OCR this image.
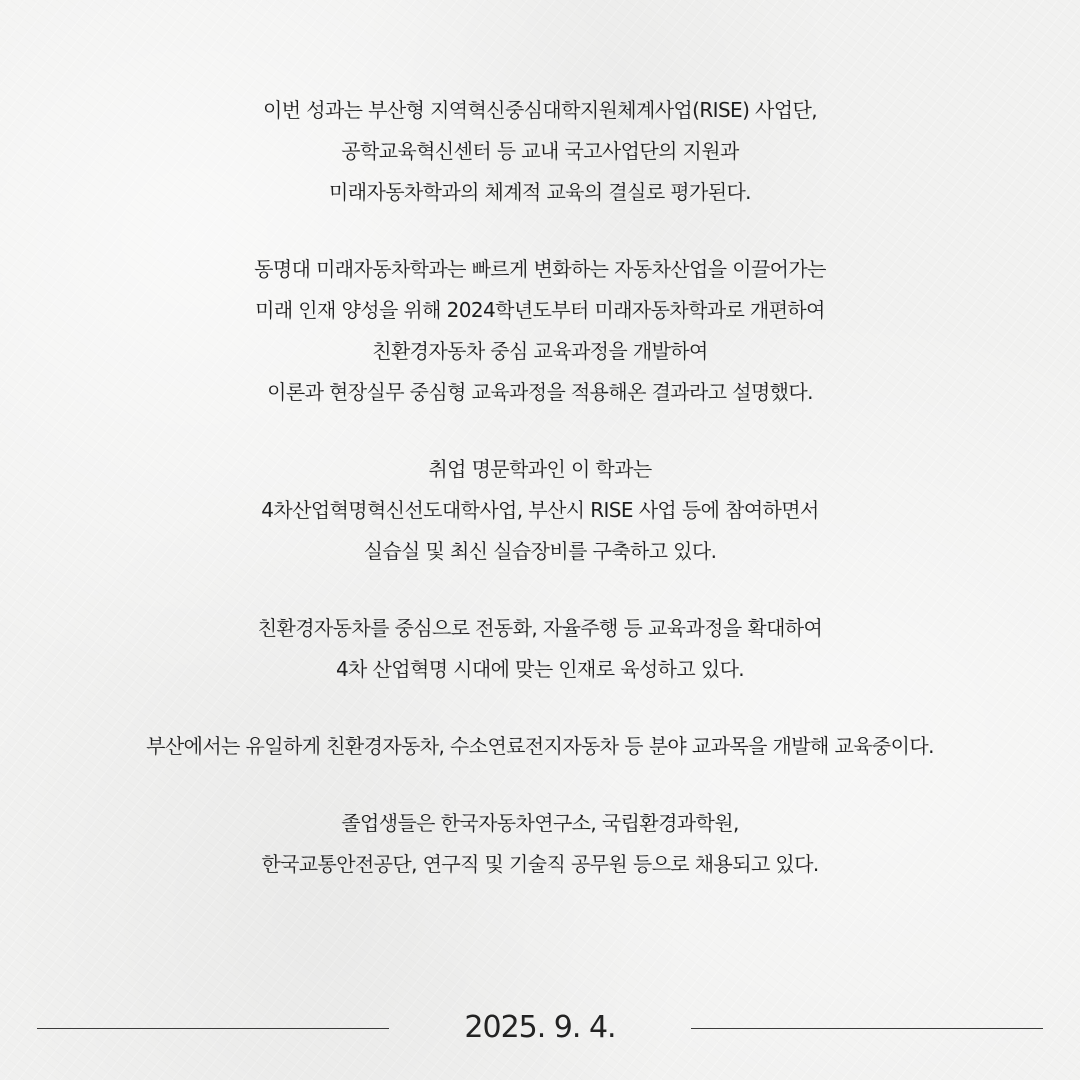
이번 성과는 부산형 지역혁신중심대학지원체계사업(RISE) 사업단,
공학교육혁신센터 등 교내 국고사업단의 지원과
미래자동차학과의 체계적 교육의 결실로 평가된다.
동명대 미래자동차학과는 빠르게 변화하는 자동차산업을 이끌어가는
미래 인재 양성을 위해 2024학년도부터 미래자동차학과로 개편하여
친환경자동차 중심 교육과정을 개발하여
이론과 현장실무 중심형 교육과정을 적용해온 결과라고 설명했다.
취업 명문학과인 이 학과는
4차산업혁명혁신선도대학사업, 부산시 RISE 사업 등에 참여하면서
실습실 및 최신 실습장비를 구축하고 있다.
친환경자동차를 중심으로 전동화, 자율주행 등 교육과정을 확대하여
4차 산업혁명 시대에 맞는 인재로 육성하고 있다.
부산에서는 유일하게 친환경자동차, 수소연료전지자동차 등 분야 교과목을 개발해 교육중이다.
졸업생들은 한국자동차연구소, 국립환경과학원,
한국교통안전공단, 연구직 및 기술직 공무원 등으로 채용되고 있다.
2025. 9. 4.
